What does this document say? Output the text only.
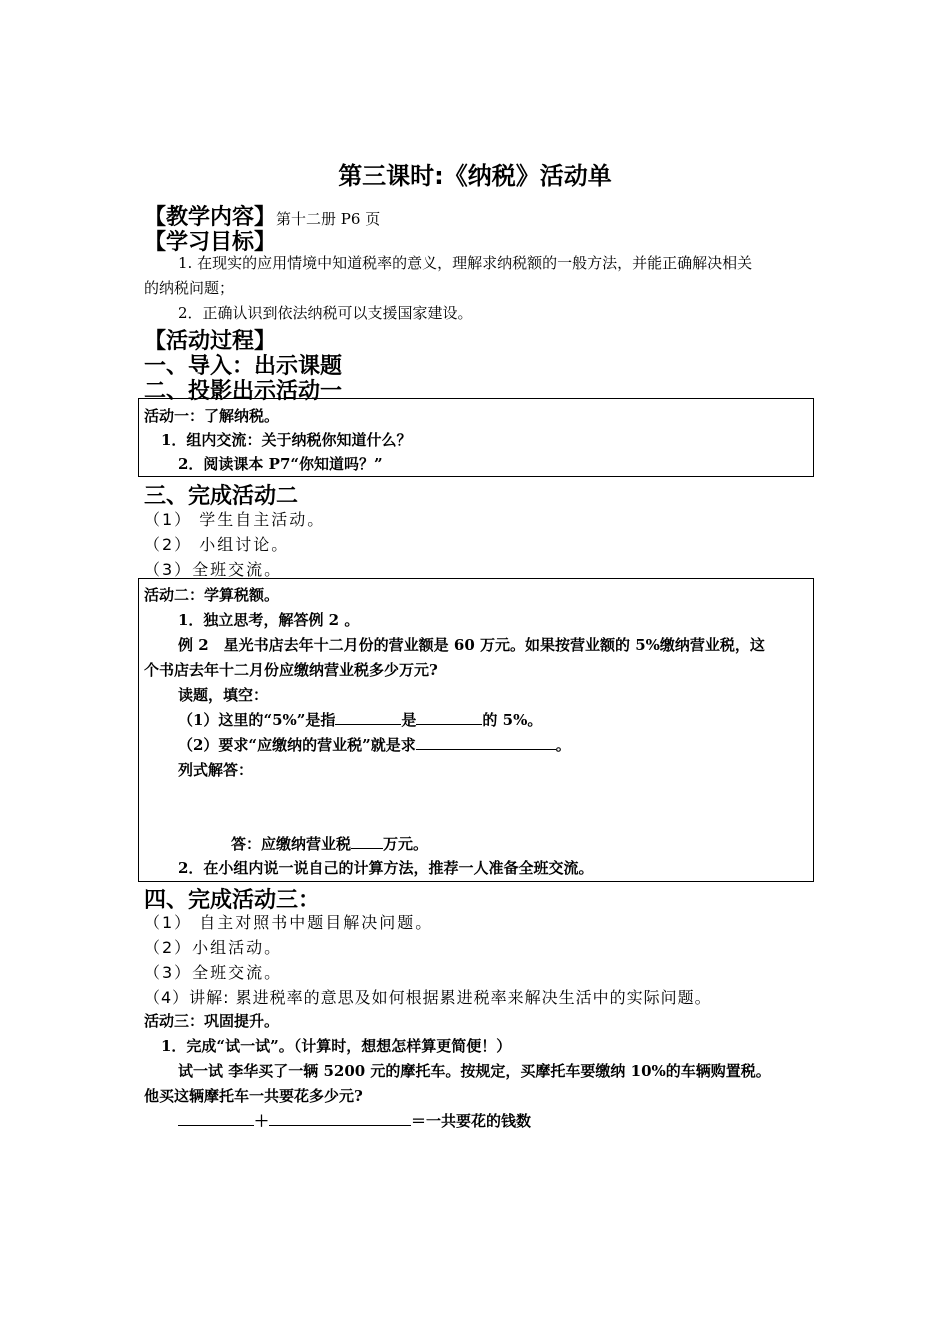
第三课时:《纳税》活动单
【教学内容】第十二册 P6 页
【学习目标】
1. 在现实的应用情境中知道税率的意义，理解求纳税额的一般方法，并能正确解决相关
的纳税问题；
2．正确认识到依法纳税可以支援国家建设。
【活动过程】
一、导入：出示课题
二、投影出示活动一
活动一：了解纳税。
1．组内交流：关于纳税你知道什么？
2．阅读课本 P7“你知道吗？”
三、完成活动二
（1） 学生自主活动。
（2） 小组讨论。
（3）全班交流。
活动二：学算税额。
1．独立思考，解答例 2 。
例 2　星光书店去年十二月份的营业额是 60 万元。如果按营业额的 5%缴纳营业税，这
个书店去年十二月份应缴纳营业税多少万元?
读题，填空：
（1）这里的“5%”是指	是	的 5%。
（2）要求“应缴纳的营业税”就是求	。
列式解答：
答：应缴纳营业税 万元。
2．在小组内说一说自己的计算方法，推荐一人准备全班交流。
四、完成活动三：
（1） 自主对照书中题目解决问题。
（2）小组活动。
（3）全班交流。
（4）讲解: 累进税率的意思及如何根据累进税率来解决生活中的实际问题。
活动三：巩固提升。
1．完成“试一试”。（计算时，想想怎样算更简便！）
试一试 李华买了一辆 5200 元的摩托车。按规定，买摩托车要缴纳 10%的车辆购置税。
他买这辆摩托车一共要花多少元?
＋	＝一共要花的钱数
